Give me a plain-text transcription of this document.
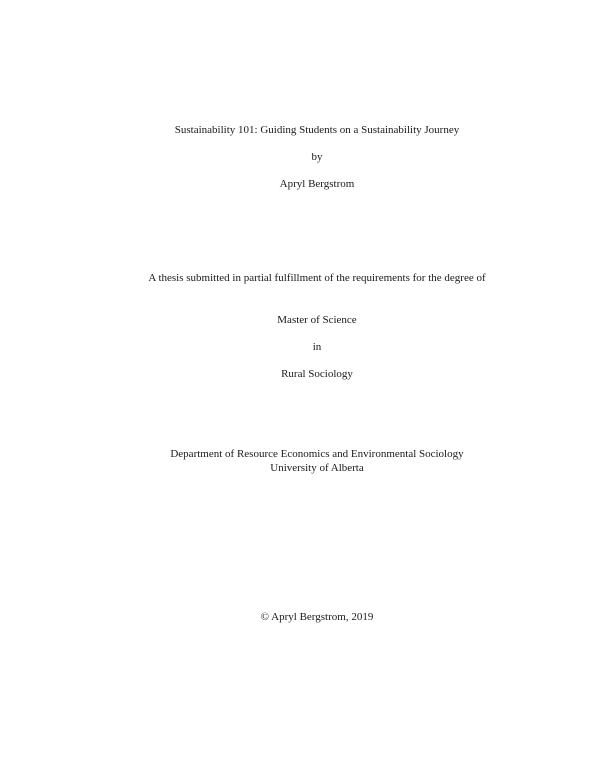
Sustainability 101: Guiding Students on a Sustainability Journey
by
Apryl Bergstrom
A thesis submitted in partial fulfillment of the requirements for the degree of
Master of Science
in
Rural Sociology
Department of Resource Economics and Environmental Sociology
University of Alberta
© Apryl Bergstrom, 2019
